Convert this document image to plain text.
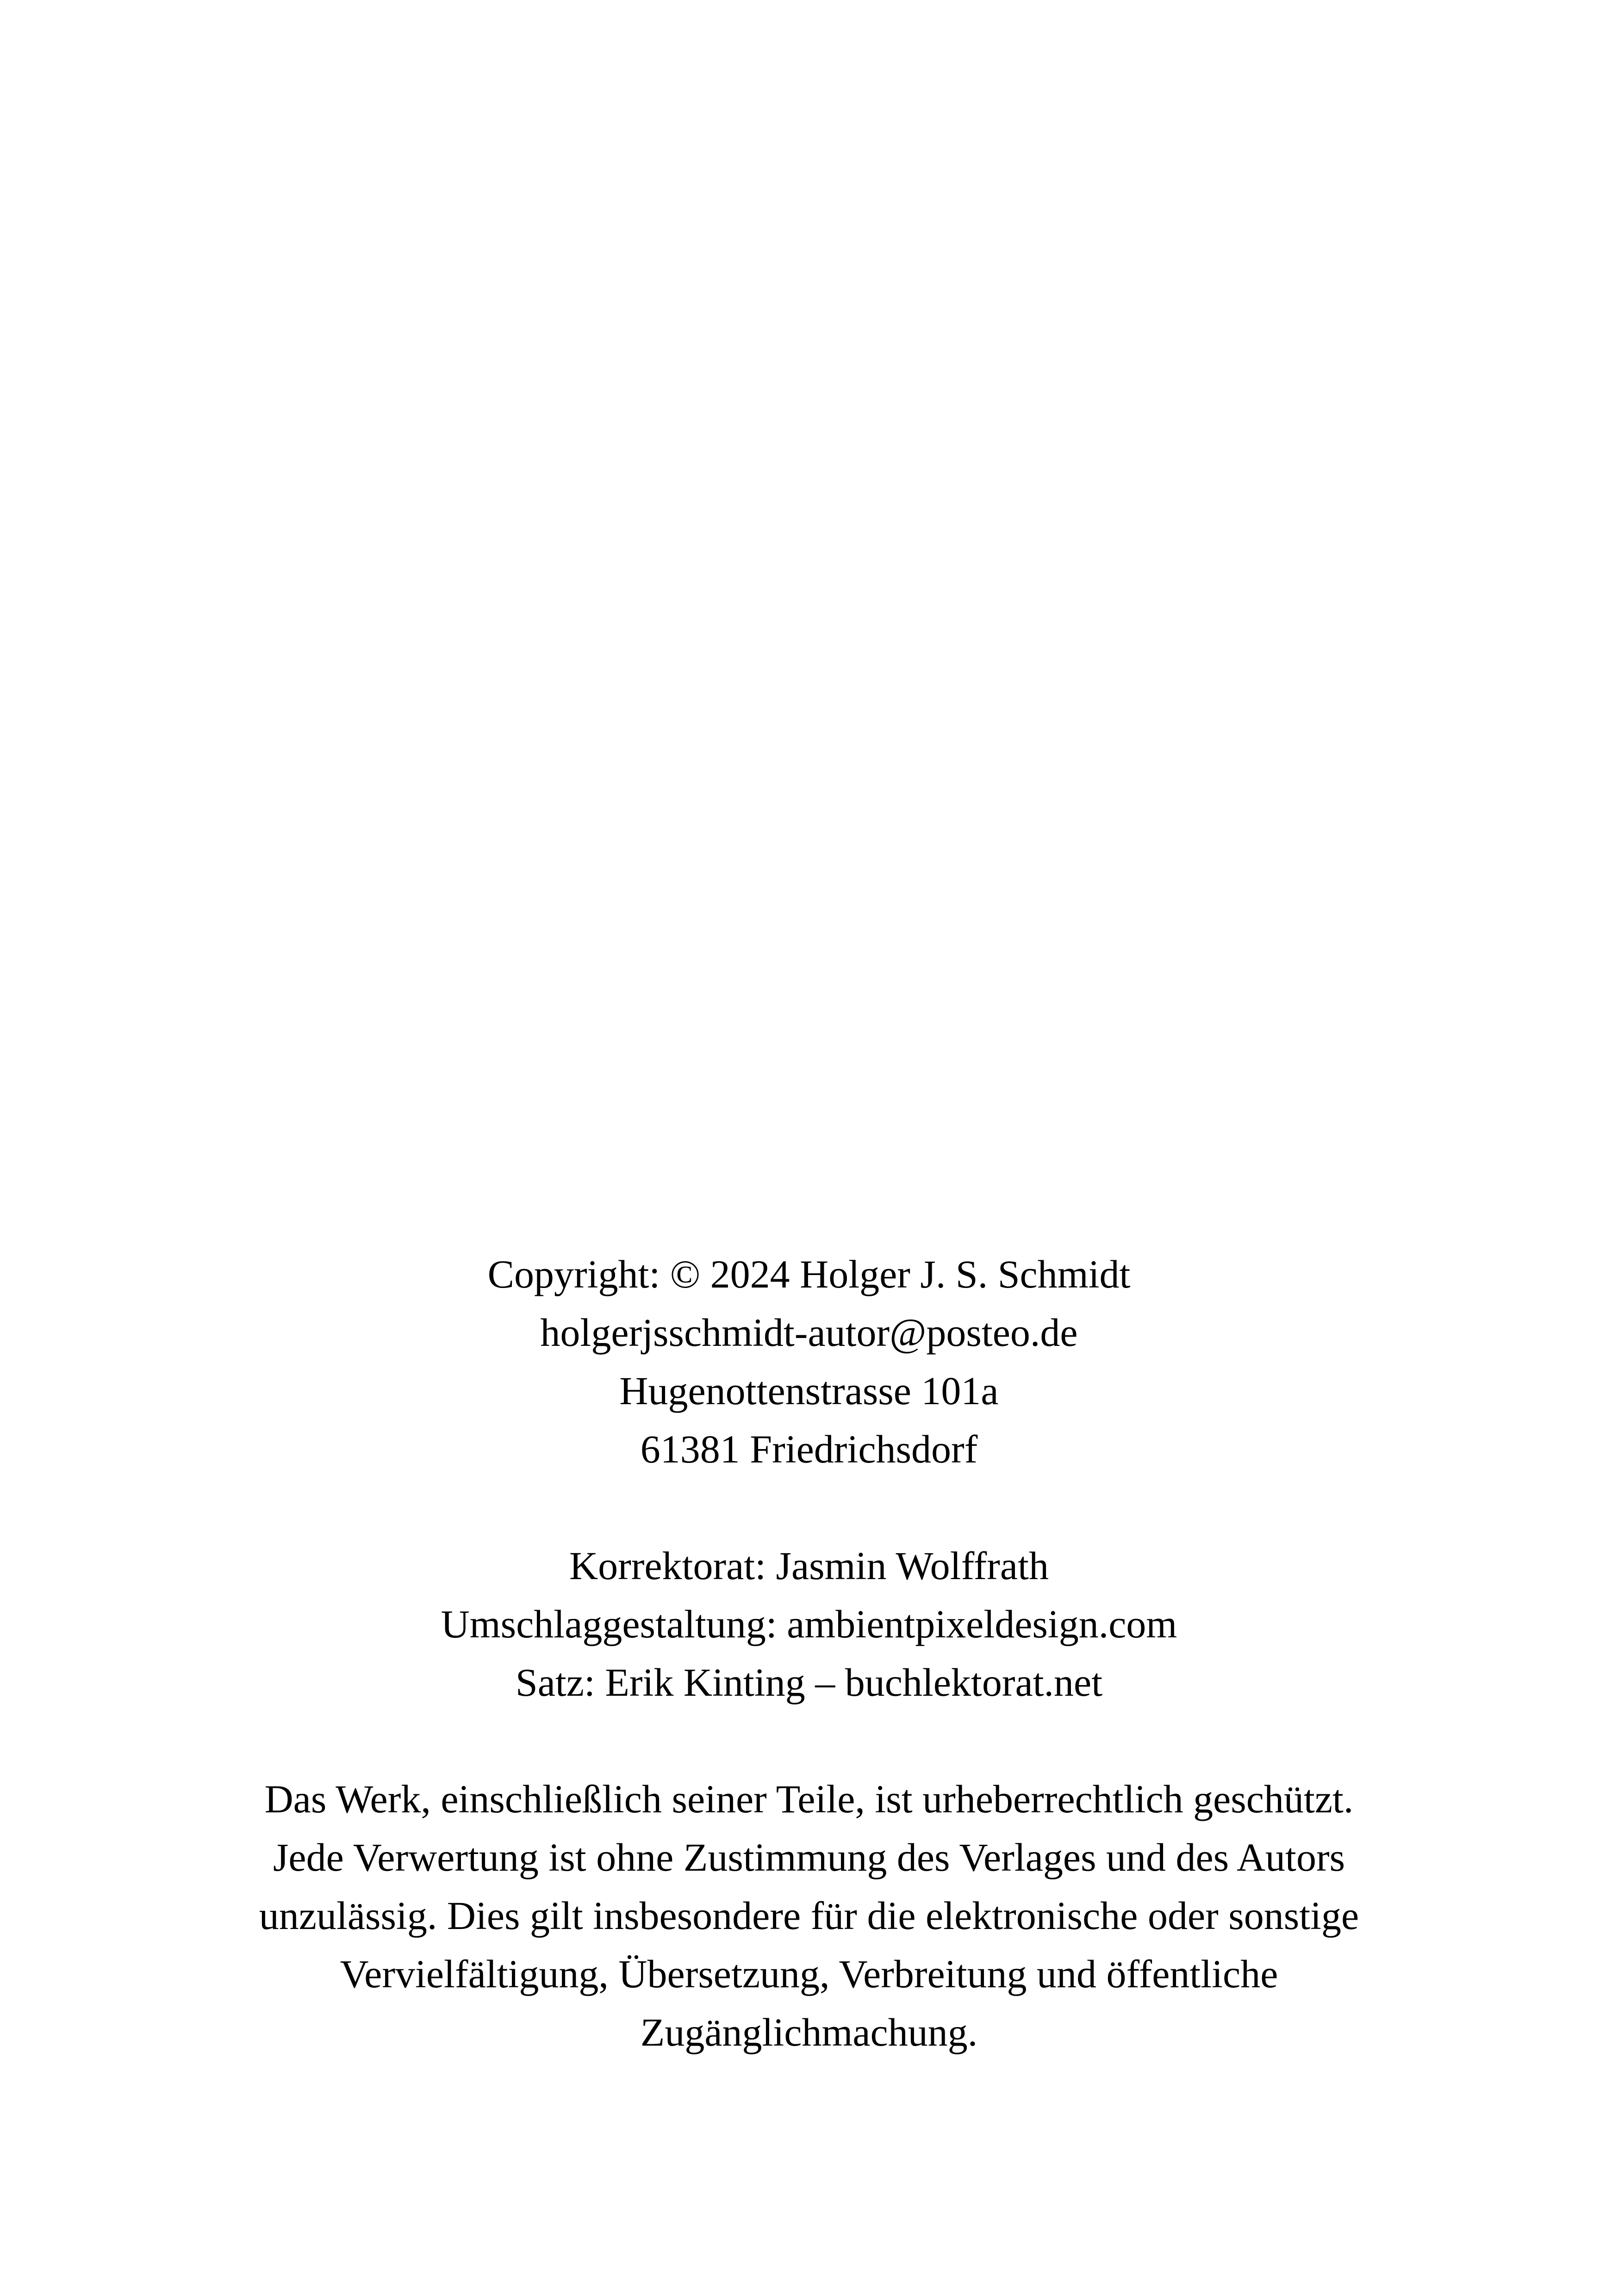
Copyright: © 2024 Holger J. S. Schmidt
holgerjsschmidt-autor@posteo.de
Hugenottenstrasse 101a
61381 Friedrichsdorf

Korrektorat: Jasmin Wolffrath
Umschlaggestaltung: ambientpixeldesign.com
Satz: Erik Kinting – buchlektorat.net

Das Werk, einschließlich seiner Teile, ist urheberrechtlich geschützt.
Jede Verwertung ist ohne Zustimmung des Verlages und des Autors
unzulässig. Dies gilt insbesondere für die elektronische oder sonstige
Vervielfältigung, Übersetzung, Verbreitung und öffentliche
Zugänglichmachung.
